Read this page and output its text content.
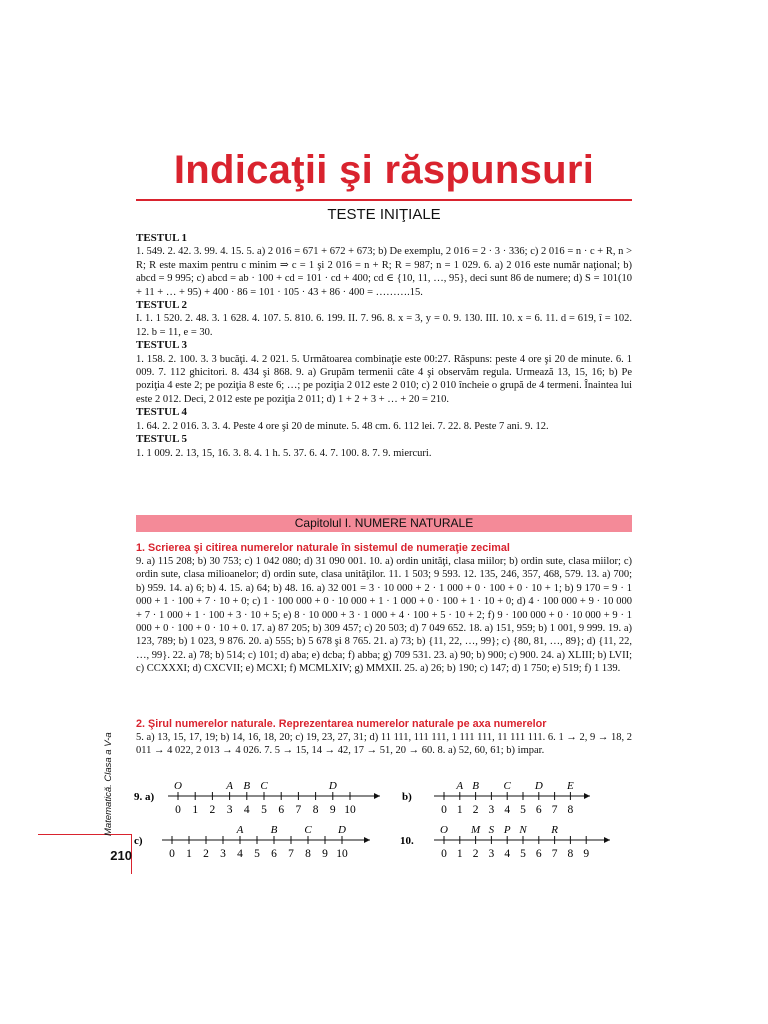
Indicaţii şi răspunsuri
TESTE INIŢIALE
TESTUL 1

1. 549. 2. 42. 3. 99. 4. 15. 5. a) 2 016 = 671 + 672 + 673; b) De exemplu, 2 016 = 2 · 3 · 336; c) 2 016 = n · c + R, n > R; R este maxim pentru c minim ⇒ c = 1 şi 2 016 = n + R; R = 987; n = 1 029. 6. a) 2 016 este număr naţional; b) abcd = 9 995; c) abcd = ab · 100 + cd = 101 · cd + 400; cd ∈ {10, 11, …, 95}, deci sunt 86 de numere; d) S = 101(10 + 11 + … + 95) + 400 · 86 = 101 · 105 · 43 + 86 · 400 = ……….15.

TESTUL 2

I. 1. 1 520. 2. 48. 3. 1 628. 4. 107. 5. 810. 6. 199. II. 7. 96. 8. x = 3, y = 0. 9. 130. III. 10. x = 6. 11. d = 619, î = 102. 12. b = 11, e = 30.

TESTUL 3

1. 158. 2. 100. 3. 3 bucăţi. 4. 2 021. 5. Următoarea combinaţie este 00:27. Răspuns: peste 4 ore şi 20 de minute. 6. 1 009. 7. 112 ghicitori. 8. 434 şi 868. 9. a) Grupăm termenii câte 4 şi observăm regula. Urmează 13, 15, 16; b) Pe poziţia 4 este 2; pe poziţia 8 este 6; …; pe poziţia 2 012 este 2 010; c) 2 010 încheie o grupă de 4 termeni. Înaintea lui este 2 012. Deci, 2 012 este pe poziţia 2 011; d) 1 + 2 + 3 + … + 20 = 210.

TESTUL 4

1. 64. 2. 2 016. 3. 3. 4. Peste 4 ore şi 20 de minute. 5. 48 cm. 6. 112 lei. 7. 22. 8. Peste 7 ani. 9. 12.

TESTUL 5

1. 1 009. 2. 13, 15, 16. 3. 8. 4. 1 h. 5. 37. 6. 4. 7. 100. 8. 7. 9. miercuri.

Capitolul I. NUMERE NATURALE
1. Scrierea şi citirea numerelor naturale în sistemul de numeraţie zecimal

9. a) 115 208; b) 30 753; c) 1 042 080; d) 31 090 001. 10. a) ordin unităţi, clasa miilor; b) ordin sute, clasa miilor; c) ordin sute, clasa milioanelor; d) ordin sute, clasa unităţilor. 11. 1 503; 9 593. 12. 135, 246, 357, 468, 579. 13. a) 700; b) 959. 14. a) 6; b) 4. 15. a) 64; b) 48. 16. a) 32 001 = 3 · 10 000 + 2 · 1 000 + 0 · 100 + 0 · 10 + 1; b) 9 170 = 9 · 1 000 + 1 · 100 + 7 · 10 + 0; c) 1 · 100 000 + 0 · 10 000 + 1 · 1 000 + 0 · 100 + 1 · 10 + 0; d) 4 · 100 000 + 9 · 10 000 + 7 · 1 000 + 1 · 100 + 3 · 10 + 5; e) 8 · 10 000 + 3 · 1 000 + 4 · 100 + 5 · 10 + 2; f) 9 · 100 000 + 0 · 10 000 + 9 · 1 000 + 0 · 100 + 0 · 10 + 0. 17. a) 87 205; b) 309 457; c) 20 503; d) 7 049 652. 18. a) 151, 959; b) 1 001, 9 999. 19. a) 123, 789; b) 1 023, 9 876. 20. a) 555; b) 5 678 şi 8 765. 21. a) 73; b) {11, 22, …, 99}; c) {80, 81, …, 89}; d) {11, 22, …, 99}. 22. a) 78; b) 514; c) 101; d) aba; e) dcba; f) abba; g) 709 531. 23. a) 90; b) 900; c) 900. 24. a) XLIII; b) LVII; c) CCXXXI; d) CXCVII; e) MCXI; f) MCMLXIV; g) MMXII. 25. a) 26; b) 190; c) 147; d) 1 750; e) 519; f) 1 139.

2. Şirul numerelor naturale. Reprezentarea numerelor naturale pe axa numerelor

5. a) 13, 15, 17, 19; b) 14, 16, 18, 20; c) 19, 23, 27, 31; d) 11 111, 111 111, 1 111 111, 11 111 111. 6. 1 → 2, 9 → 18, 2 011 → 4 022, 2 013 → 4 026. 7. 5 → 15, 14 → 42, 17 → 51, 20 → 60. 8. a) 52, 60, 61; b) impar.

9. a)
0 1 2 3 4 5 6 7 8 9 10
O	A B C	D
b)
0 1 2 3 4 5 6 7 8
A B C D E
c)
0 1 2 3 4 5 6 7 8 9 10
A B C D
10.
0 1 2 3 4 5 6 7 8 9
O M S P N R
Matematică. Clasa a V-a
210
